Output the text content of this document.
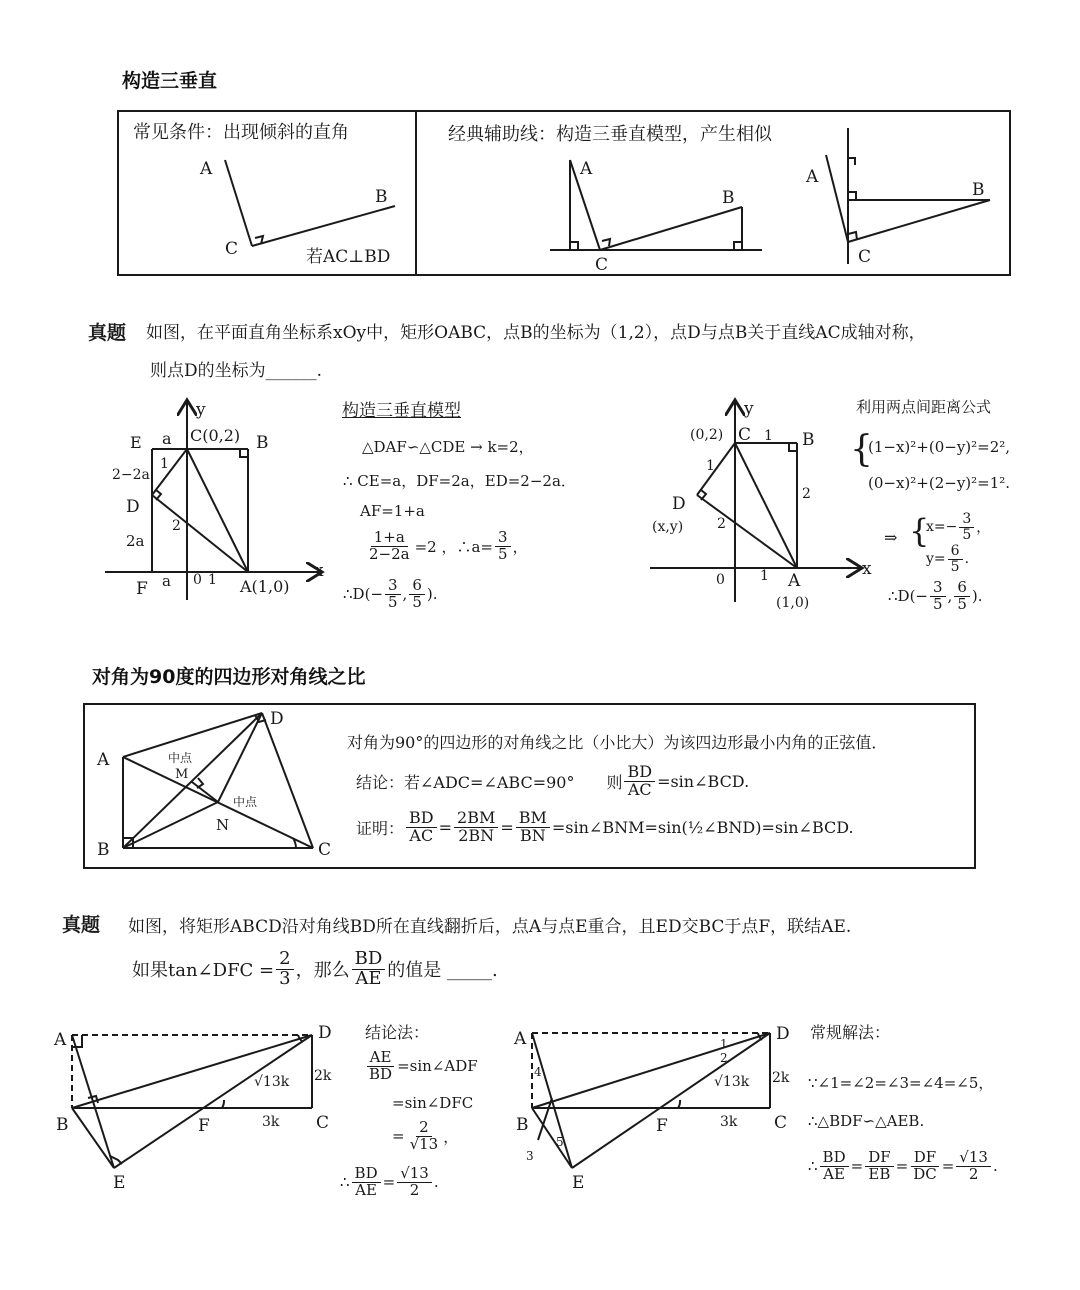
构造三垂直
常见条件：出现倾斜的直角	经典辅助线：构造三垂直模型，产生相似
若AC⊥BD
A
B
C
A
B
C
A
B
C
真题 如图，在平面直角坐标系xOy中，矩形OABC，点B的坐标为（1,2），点D与点B关于直线AC成轴对称，
则点D的坐标为______.
E a C(0,2) B
y
x
2−2a
D
1
2
2a
F a 0 1 A(1,0)
构造三垂直模型
△DAF∽△CDE → k=2，
∴ CE=a，DF=2a，ED=2−2a．
AF=1+a
$\frac{1+a}{2-2a} =2$ ，∴a= $\frac{3}{5}$ ，
∴D(− $\frac{3}{5}$ , $\frac{6}{5}$ ).
y
x
(0,2) C 1 B
1
D
(x,y)
2
2
0	1 A
(1,0)
利用两点间距离公式
{
(1−x)²+(0−y)²=2²,
(0−x)²+(2−y)²=1².
⇒ {
$x=- \frac{3}{5}$ ，
$y= \frac{6}{5}$ .
∴D(− $\frac{3}{5}$ , $\frac{6}{5}$ ).
对角为90度的四边形对角线之比
A
B	C
D
M
N
中点
中点
对角为90°的四边形的对角线之比（小比大）为该四边形最小内角的正弦值．
结论：若∠ADC=∠ABC=90°　　则 $\frac{BD}{AC}$ =sin∠BCD.
证明： $\frac{BD}{AC} = \frac{2BM}{2BN} = \frac{BM}{BN}$ =sin∠BNM=sin(½∠BND)=sin∠BCD.
真题 如图，将矩形ABCD沿对角线BD所在直线翻折后，点A与点E重合，且ED交BC于点F，联结AE.
如果tan∠DFC = $\frac{2}{3}$ ，那么 $\frac{BD}{AE}$ 的值是 _____.
A	D
B	C
E
F
√13k 2k
3k
结论法：
$\frac{AE}{BD}$ =sin∠ADF
=sin∠DFC
= $\frac{2}{√13}$ ，
∴ $\frac{BD}{AE} = \frac{√13}{2}$ .
A	D
B	C
E
F
√13k 2k
3k
1
2
3
4
5
常规解法：
∵∠1=∠2=∠3=∠4=∠5，
∴△BDF∽△AEB.
∴ $\frac{BD}{AE} = \frac{DF}{EB} = \frac{DF}{DC} = \frac{√13}{2}$ .
